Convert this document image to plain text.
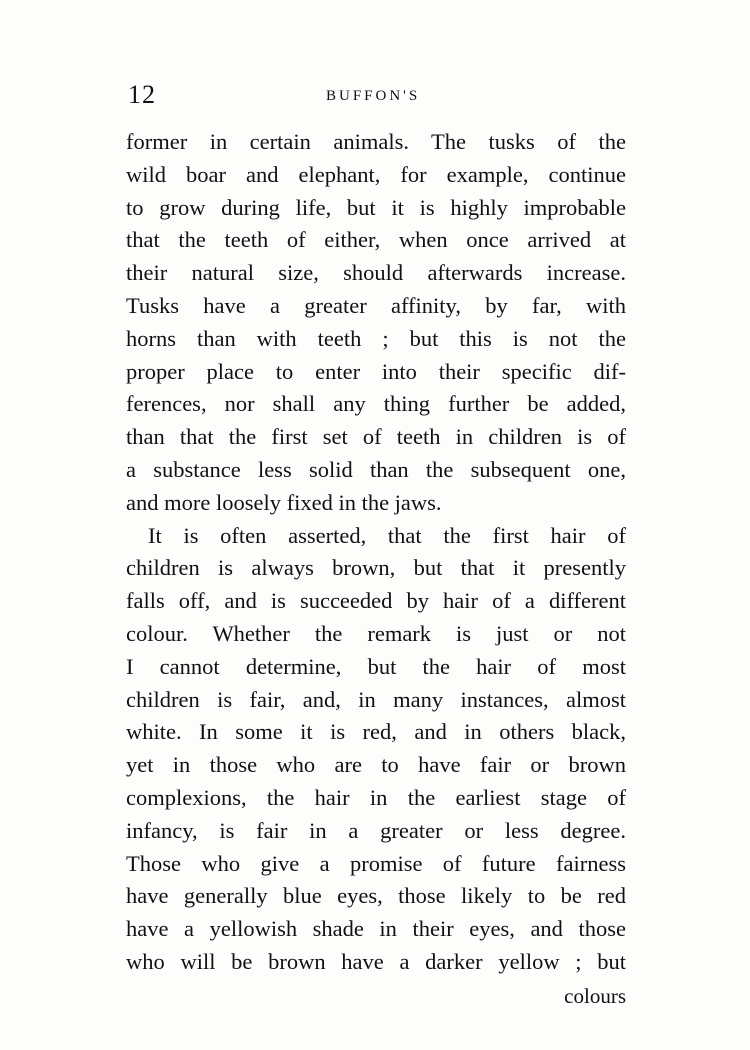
12	BUFFON'S
former in certain animals. The tusks of the
wild boar and elephant, for example, continue
to grow during life, but it is highly improbable
that the teeth of either, when once arrived at
their natural size, should afterwards increase.
Tusks have a greater affinity, by far, with
horns than with teeth ; but this is not the
proper place to enter into their specific dif-
ferences, nor shall any thing further be added,
than that the first set of teeth in children is of
a substance less solid than the subsequent one,
and more loosely fixed in the jaws.
It is often asserted, that the first hair of
children is always brown, but that it presently
falls off, and is succeeded by hair of a different
colour. Whether the remark is just or not
I cannot determine, but the hair of most
children is fair, and, in many instances, almost
white. In some it is red, and in others black,
yet in those who are to have fair or brown
complexions, the hair in the earliest stage of
infancy, is fair in a greater or less degree.
Those who give a promise of future fairness
have generally blue eyes, those likely to be red
have a yellowish shade in their eyes, and those
who will be brown have a darker yellow ; but
colours
